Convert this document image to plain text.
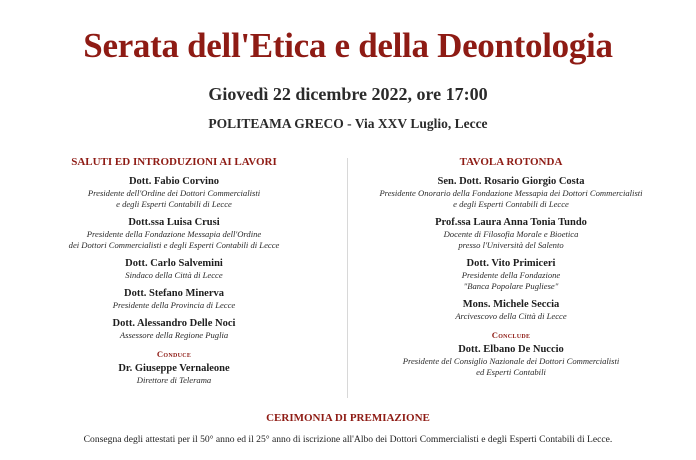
Serata dell'Etica e della Deontologia
Giovedì 22 dicembre 2022, ore 17:00
POLITEAMA GRECO - Via XXV Luglio, Lecce
SALUTI ED INTRODUZIONI AI LAVORI
Dott. Fabio Corvino
Presidente dell'Ordine dei Dottori Commercialisti
e degli Esperti Contabili di Lecce
Dott.ssa Luisa Crusi
Presidente della Fondazione Messapia dell'Ordine
dei Dottori Commercialisti e degli Esperti Contabili di Lecce
Dott. Carlo Salvemini
Sindaco della Città di Lecce
Dott. Stefano Minerva
Presidente della Provincia di Lecce
Dott. Alessandro Delle Noci
Assessore della Regione Puglia
Conduce
Dr. Giuseppe Vernaleone
Direttore di Telerama
TAVOLA ROTONDA
Sen. Dott. Rosario Giorgio Costa
Presidente Onorario della Fondazione Messapia dei Dottori Commercialisti
e degli Esperti Contabili di Lecce
Prof.ssa Laura Anna Tonia Tundo
Docente di Filosofia Morale e Bioetica
presso l'Università del Salento
Dott. Vito Primiceri
Presidente della Fondazione
"Banca Popolare Pugliese"
Mons. Michele Seccia
Arcivescovo della Città di Lecce
Conclude
Dott. Elbano De Nuccio
Presidente del Consiglio Nazionale dei Dottori Commercialisti
ed Esperti Contabili
CERIMONIA DI PREMIAZIONE
Consegna degli attestati per il 50° anno ed il 25° anno di iscrizione all'Albo dei Dottori Commercialisti e degli Esperti Contabili di Lecce.
